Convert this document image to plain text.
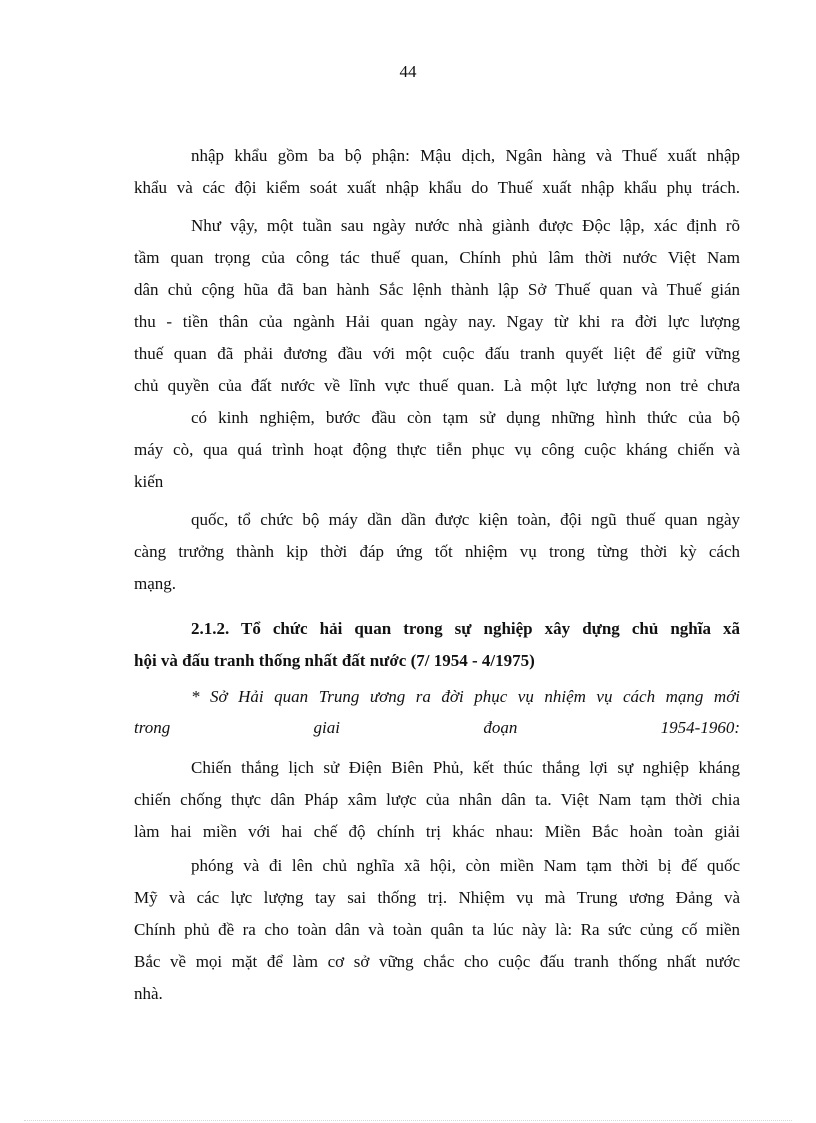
44
nhập khẩu gồm ba bộ phận: Mậu dịch, Ngân hàng và Thuế xuất nhập
khẩu và các đội kiểm soát xuất nhập khẩu do Thuế xuất nhập khẩu phụ trách.
Như vậy, một tuần sau ngày nước nhà giành được Độc lập, xác định rõ
tầm quan trọng của công tác thuế quan, Chính phủ lâm thời nước Việt Nam
dân chủ cộng hũa đã ban hành Sắc lệnh thành lập Sở Thuế quan và Thuế gián
thu - tiền thân của ngành Hải quan ngày nay. Ngay từ khi ra đời lực lượng
thuế quan đã phải đương đầu với một cuộc đấu tranh quyết liệt để giữ vững
chủ quyền của đất nước về lĩnh vực thuế quan. Là một lực lượng non trẻ chưa
có kinh nghiệm, bước đầu còn tạm sử dụng những hình thức của bộ
máy cò, qua quá trình hoạt động thực tiễn phục vụ công cuộc kháng chiến và
kiến
quốc, tổ chức bộ máy dần dần được kiện toàn, đội ngũ thuế quan ngày
càng trưởng thành kịp thời đáp ứng tốt nhiệm vụ trong từng thời kỳ cách
mạng.
2.1.2. Tổ chức hải quan trong sự nghiệp xây dựng chủ nghĩa xã
hội và đấu tranh thống nhất đất nước (7/ 1954 - 4/1975)
* Sở Hải quan Trung ương ra đời phục vụ nhiệm vụ cách mạng mới
trong giai đoạn 1954-1960:
Chiến thắng lịch sử Điện Biên Phủ, kết thúc thắng lợi sự nghiệp kháng
chiến chống thực dân Pháp xâm lược của nhân dân ta. Việt Nam tạm thời chia
làm hai miền với hai chế độ chính trị khác nhau: Miền Bắc hoàn toàn giải
phóng và đi lên chủ nghĩa xã hội, còn miền Nam tạm thời bị đế quốc
Mỹ và các lực lượng tay sai thống trị. Nhiệm vụ mà Trung ương Đảng và
Chính phủ đề ra cho toàn dân và toàn quân ta lúc này là: Ra sức củng cố miền
Bắc về mọi mặt để làm cơ sở vững chắc cho cuộc đấu tranh thống nhất nước
nhà.
